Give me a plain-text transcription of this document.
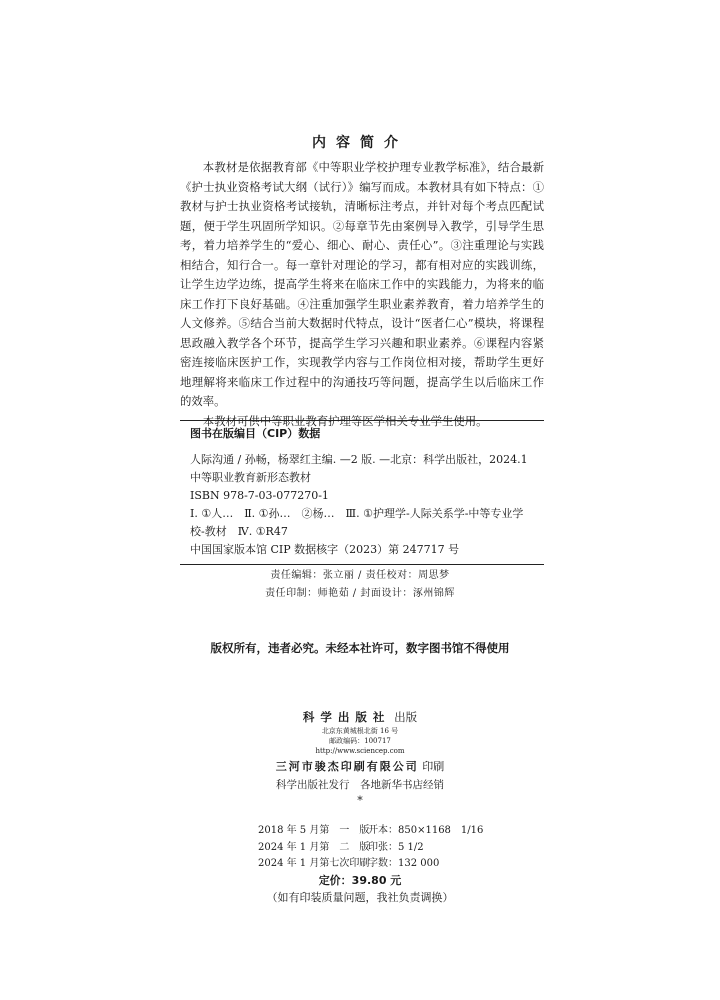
内容简介

本教材是依据教育部《中等职业学校护理专业教学标准》，结合最新《护士执业资格考试大纲（试行）》编写而成。本教材具有如下特点：①教材与护士执业资格考试接轨，清晰标注考点，并针对每个考点匹配试题，便于学生巩固所学知识。②每章节先由案例导入教学，引导学生思考，着力培养学生的“爱心、细心、耐心、责任心”。③注重理论与实践相结合，知行合一。每一章针对理论的学习，都有相对应的实践训练，让学生边学边练，提高学生将来在临床工作中的实践能力，为将来的临床工作打下良好基础。④注重加强学生职业素养教育，着力培养学生的人文修养。⑤结合当前大数据时代特点，设计“医者仁心”模块，将课程思政融入教学各个环节，提高学生学习兴趣和职业素养。⑥课程内容紧密连接临床医护工作，实现教学内容与工作岗位相对接，帮助学生更好地理解将来临床工作过程中的沟通技巧等问题，提高学生以后临床工作的效率。

本教材可供中等职业教育护理等医学相关专业学生使用。

图书在版编目（CIP）数据
人际沟通 / 孙畅，杨翠红主编. —2 版. —北京：科学出版社，2024.1
中等职业教育新形态教材
ISBN 978-7-03-077270-1
Ⅰ. ①人…　Ⅱ. ①孙…　②杨…　Ⅲ. ①护理学-人际关系学-中等专业学校-教材　Ⅳ. ①R47
中国国家版本馆 CIP 数据核字（2023）第 247717 号
责任编辑：张立丽 / 责任校对：周思梦
责任印制：师艳茹 / 封面设计：涿州锦辉
版权所有，违者必究。未经本社许可，数字图书馆不得使用
科学出版社 出版
北京东黄城根北街 16 号
邮政编码：100717
http://www.sciencep.com
三河市骏杰印刷有限公司 印刷
科学出版社发行　各地新华书店经销
*
2018 年 5 月第　一　版开本：850×1168　1/16
2024 年 1 月第　二　版印张：5 1/2
2024 年 1 月第七次印刷字数：132 000
定价：39.80 元
（如有印装质量问题，我社负责调换）
